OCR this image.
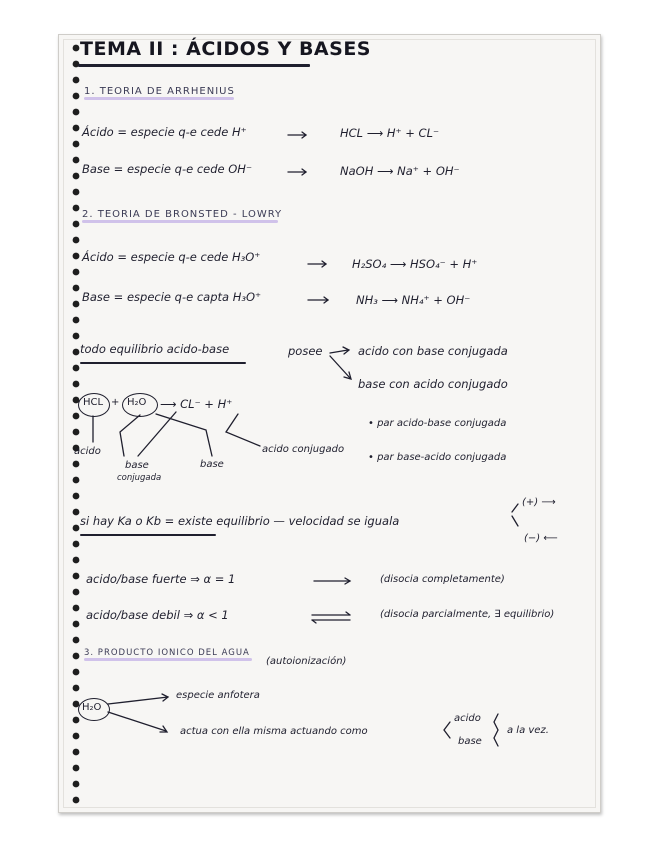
TEMA II : ÁCIDOS Y BASES
1. TEORIA DE ARRHENIUS
Ácido = especie q-e cede H⁺	HCL ⟶ H⁺ + CL⁻
Base = especie q-e cede OH⁻	NaOH ⟶ Na⁺ + OH⁻
2. TEORIA DE BRONSTED - LOWRY
Ácido = especie q-e cede H₃O⁺	H₂SO₄ ⟶ HSO₄⁻ + H⁺
Base = especie q-e capta H₃O⁺	NH₃ ⟶ NH₄⁺ + OH⁻
todo equilibrio acido-base	posee	acido con base conjugada
base con acido conjugado
HCL + H₂O ⟶ CL⁻ + H⁺
acido
base
conjugada
base
acido conjugado
• par acido-base conjugada
• par base-acido conjugada
si hay Ka o Kb = existe equilibrio — velocidad se iguala
(+) ⟶
(−) ⟵
acido/base fuerte ⇒ α = 1	(disocia completamente)
acido/base debil ⇒ α < 1	(disocia parcialmente, ∃ equilibrio)
3. PRODUCTO IONICO DEL AGUA
(autoionización)
H₂O
especie anfotera
actua con ella misma actuando como
acido
base
a la vez.
